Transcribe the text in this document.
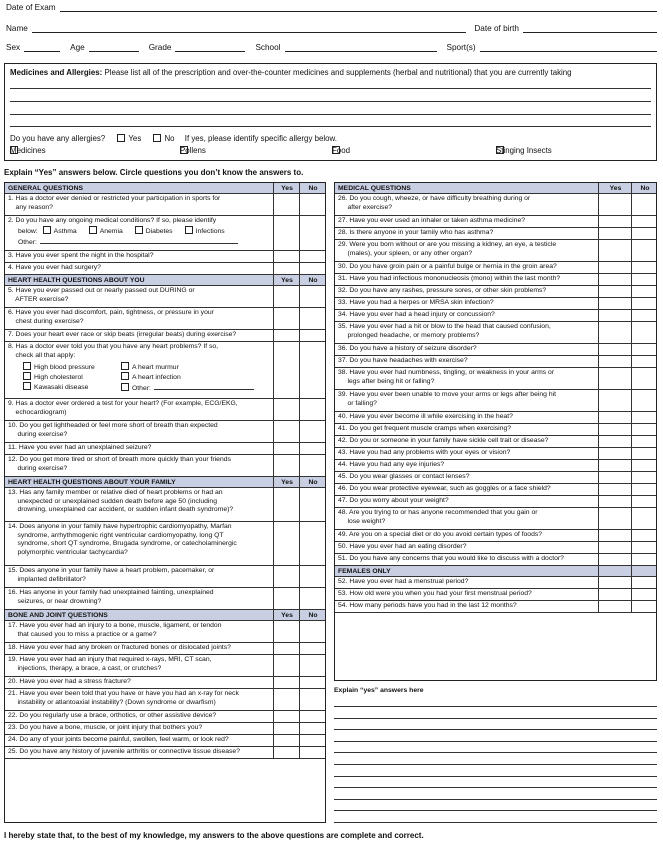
Date of Exam
Name	Date of birth
Sex	Age	Grade	School	Sport(s)
Medicines and Allergies: Please list all of the prescription and over-the-counter medicines and supplements (herbal and nutritional) that you are currently taking
Do you have any allergies?	Yes	No If yes, please identify specific allergy below.
Medicines	Pollens	Food	Stinging Insects
Explain “Yes” answers below. Circle questions you don’t know the answers to.
GENERAL QUESTIONS	Yes	No
1. Has a doctor ever denied or restricted your participation in sports for
any reason?
2. Do you have any ongoing medical conditions? If so, please identify
below: Asthma	Anemia	Diabetes	Infections
Other:
3. Have you ever spent the night in the hospital?
4. Have you ever had surgery?
HEART HEALTH QUESTIONS ABOUT YOU	Yes	No
5. Have you ever passed out or nearly passed out DURING or
AFTER exercise?
6. Have you ever had discomfort, pain, tightness, or pressure in your
chest during exercise?
7. Does your heart ever race or skip beats (irregular beats) during exercise?
8. Has a doctor ever told you that you have any heart problems? If so,
check all that apply:
High blood pressure	A heart murmur
High cholesterol	A heart infection
Kawasaki disease	Other:
9. Has a doctor ever ordered a test for your heart? (For example, ECG/EKG,
echocardiogram)
10. Do you get lightheaded or feel more short of breath than expected
during exercise?
11. Have you ever had an unexplained seizure?
12. Do you get more tired or short of breath more quickly than your friends
during exercise?
HEART HEALTH QUESTIONS ABOUT YOUR FAMILY	Yes	No
13. Has any family member or relative died of heart problems or had an
unexpected or unexplained sudden death before age 50 (including
drowning, unexplained car accident, or sudden infant death syndrome)?
14. Does anyone in your family have hypertrophic cardiomyopathy, Marfan
syndrome, arrhythmogenic right ventricular cardiomyopathy, long QT
syndrome, short QT syndrome, Brugada syndrome, or catecholaminergic
polymorphic ventricular tachycardia?
15. Does anyone in your family have a heart problem, pacemaker, or
implanted defibrillator?
16. Has anyone in your family had unexplained fainting, unexplained
seizures, or near drowning?
BONE AND JOINT QUESTIONS	Yes	No
17. Have you ever had an injury to a bone, muscle, ligament, or tendon
that caused you to miss a practice or a game?
18. Have you ever had any broken or fractured bones or dislocated joints?
19. Have you ever had an injury that required x-rays, MRI, CT scan,
injections, therapy, a brace, a cast, or crutches?
20. Have you ever had a stress fracture?
21. Have you ever been told that you have or have you had an x-ray for neck
instability or atlantoaxial instability? (Down syndrome or dwarfism)
22. Do you regularly use a brace, orthotics, or other assistive device?
23. Do you have a bone, muscle, or joint injury that bothers you?
24. Do any of your joints become painful, swollen, feel warm, or look red?
25. Do you have any history of juvenile arthritis or connective tissue disease?
MEDICAL QUESTIONS	Yes	No
26. Do you cough, wheeze, or have difficulty breathing during or
after exercise?
27. Have you ever used an inhaler or taken asthma medicine?
28. Is there anyone in your family who has asthma?
29. Were you born without or are you missing a kidney, an eye, a testicle
(males), your spleen, or any other organ?
30. Do you have groin pain or a painful bulge or hernia in the groin area?
31. Have you had infectious mononucleosis (mono) within the last month?
32. Do you have any rashes, pressure sores, or other skin problems?
33. Have you had a herpes or MRSA skin infection?
34. Have you ever had a head injury or concussion?
35. Have you ever had a hit or blow to the head that caused confusion,
prolonged headache, or memory problems?
36. Do you have a history of seizure disorder?
37. Do you have headaches with exercise?
38. Have you ever had numbness, tingling, or weakness in your arms or
legs after being hit or falling?
39. Have you ever been unable to move your arms or legs after being hit
or falling?
40. Have you ever become ill while exercising in the heat?
41. Do you get frequent muscle cramps when exercising?
42. Do you or someone in your family have sickle cell trait or disease?
43. Have you had any problems with your eyes or vision?
44. Have you had any eye injuries?
45. Do you wear glasses or contact lenses?
46. Do you wear protective eyewear, such as goggles or a face shield?
47. Do you worry about your weight?
48. Are you trying to or has anyone recommended that you gain or
lose weight?
49. Are you on a special diet or do you avoid certain types of foods?
50. Have you ever had an eating disorder?
51. Do you have any concerns that you would like to discuss with a doctor?
FEMALES ONLY
52. Have you ever had a menstrual period?
53. How old were you when you had your first menstrual period?
54. How many periods have you had in the last 12 months?
Explain “yes” answers here
I hereby state that, to the best of my knowledge, my answers to the above questions are complete and correct.
